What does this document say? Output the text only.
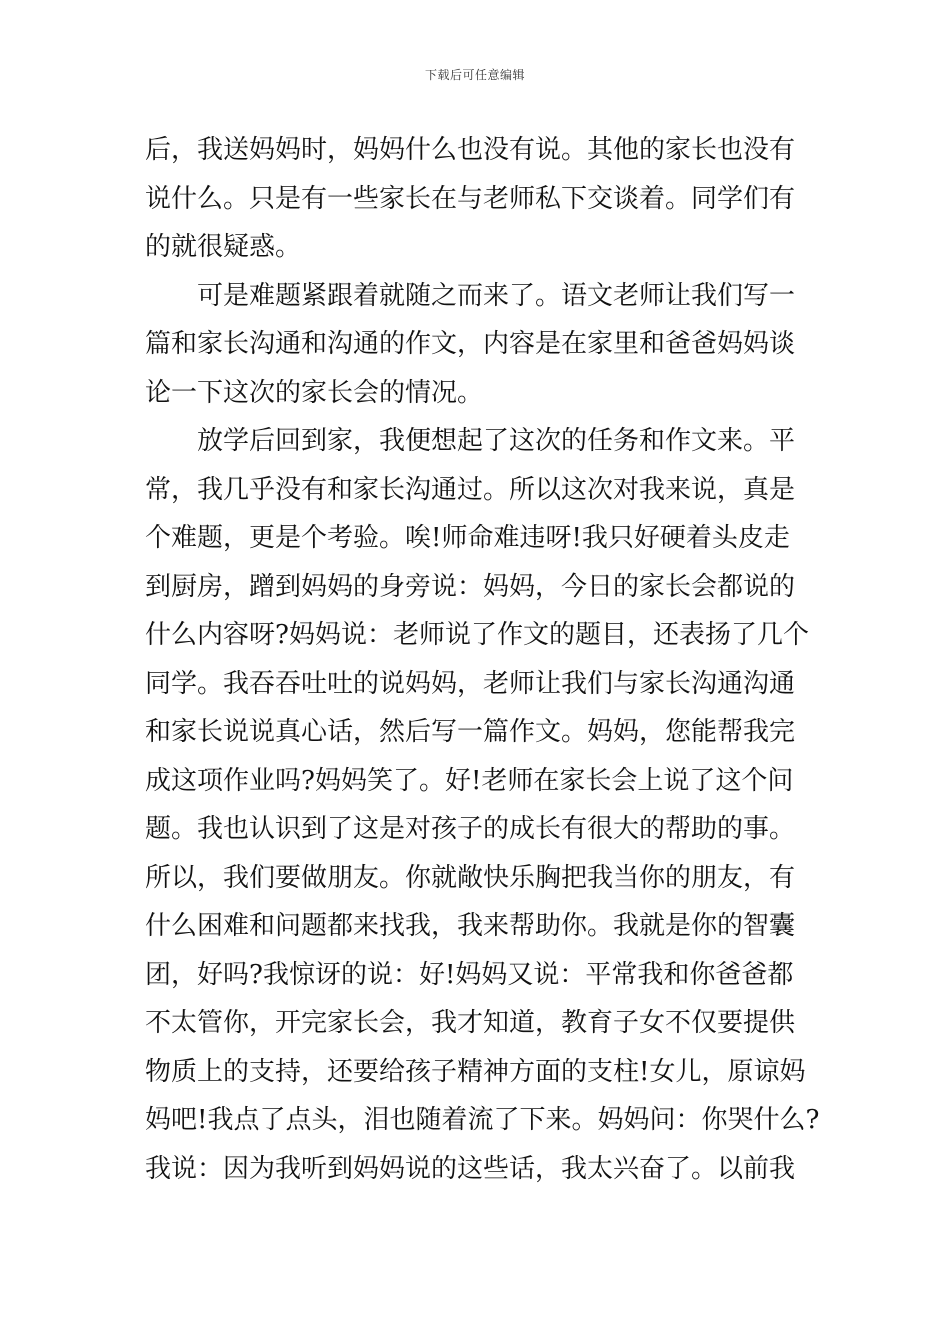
下载后可任意编辑
后，我送妈妈时，妈妈什么也没有说。其他的家长也没有
说什么。只是有一些家长在与老师私下交谈着。同学们有
的就很疑惑。
可是难题紧跟着就随之而来了。语文老师让我们写一
篇和家长沟通和沟通的作文，内容是在家里和爸爸妈妈谈
论一下这次的家长会的情况。
放学后回到家，我便想起了这次的任务和作文来。平
常，我几乎没有和家长沟通过。所以这次对我来说，真是
个难题，更是个考验。唉!师命难违呀!我只好硬着头皮走
到厨房，蹭到妈妈的身旁说：妈妈，今日的家长会都说的
什么内容呀?妈妈说：老师说了作文的题目，还表扬了几个
同学。我吞吞吐吐的说妈妈，老师让我们与家长沟通沟通
和家长说说真心话，然后写一篇作文。妈妈，您能帮我完
成这项作业吗?妈妈笑了。好!老师在家长会上说了这个问
题。我也认识到了这是对孩子的成长有很大的帮助的事。
所以，我们要做朋友。你就敞快乐胸把我当你的朋友，有
什么困难和问题都来找我，我来帮助你。我就是你的智囊
团，好吗?我惊讶的说：好!妈妈又说：平常我和你爸爸都
不太管你，开完家长会，我才知道，教育子女不仅要提供
物质上的支持，还要给孩子精神方面的支柱!女儿，原谅妈
妈吧!我点了点头，泪也随着流了下来。妈妈问：你哭什么?
我说：因为我听到妈妈说的这些话，我太兴奋了。以前我
